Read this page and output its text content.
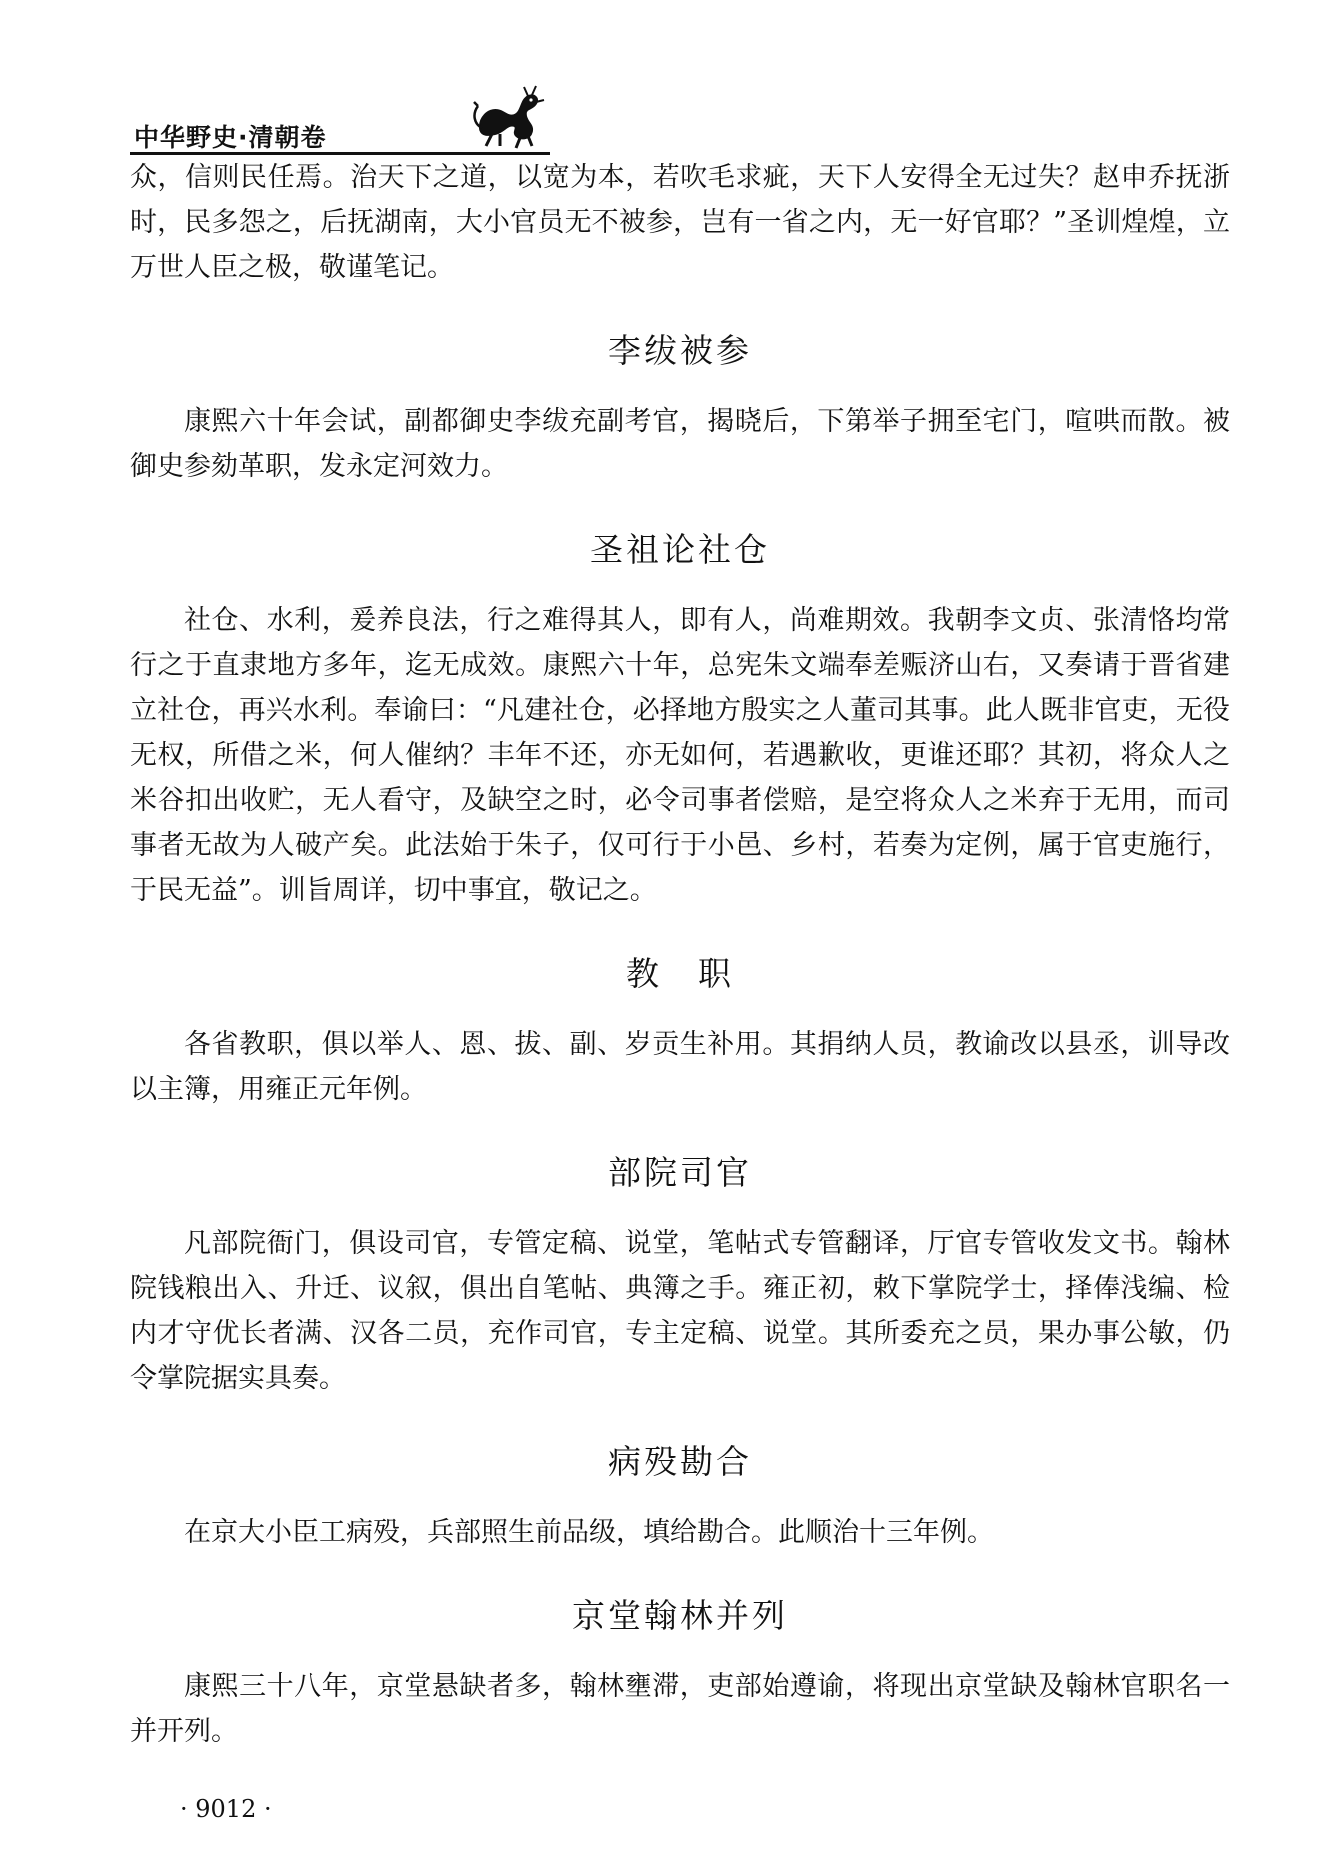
中华野史·清朝卷

众，信则民任焉。治天下之道，以宽为本，若吹毛求疵，天下人安得全无过失？赵申乔抚浙时，民多怨之，后抚湖南，大小官员无不被参，岂有一省之内，无一好官耶？”圣训煌煌，立万世人臣之极，敬谨笔记。

李绂被参

康熙六十年会试，副都御史李绂充副考官，揭晓后，下第举子拥至宅门，喧哄而散。被御史参劾革职，发永定河效力。

圣祖论社仓

社仓、水利，爰养良法，行之难得其人，即有人，尚难期效。我朝李文贞、张清恪均常行之于直隶地方多年，迄无成效。康熙六十年，总宪朱文端奉差赈济山右，又奏请于晋省建立社仓，再兴水利。奉谕曰：“凡建社仓，必择地方殷实之人董司其事。此人既非官吏，无役无权，所借之米，何人催纳？丰年不还，亦无如何，若遇歉收，更谁还耶？其初，将众人之米谷扣出收贮，无人看守，及缺空之时，必令司事者偿赔，是空将众人之米弃于无用，而司事者无故为人破产矣。此法始于朱子，仅可行于小邑、乡村，若奏为定例，属于官吏施行，于民无益”。训旨周详，切中事宜，敬记之。

教　职

各省教职，俱以举人、恩、拔、副、岁贡生补用。其捐纳人员，教谕改以县丞，训导改以主簿，用雍正元年例。

部院司官

凡部院衙门，俱设司官，专管定稿、说堂，笔帖式专管翻译，厅官专管收发文书。翰林院钱粮出入、升迁、议叙，俱出自笔帖、典簿之手。雍正初，敕下掌院学士，择俸浅编、检内才守优长者满、汉各二员，充作司官，专主定稿、说堂。其所委充之员，果办事公敏，仍令掌院据实具奏。

病殁勘合

在京大小臣工病殁，兵部照生前品级，填给勘合。此顺治十三年例。

京堂翰林并列

康熙三十八年，京堂悬缺者多，翰林壅滞，吏部始遵谕，将现出京堂缺及翰林官职名一并开列。

· 9012 ·
